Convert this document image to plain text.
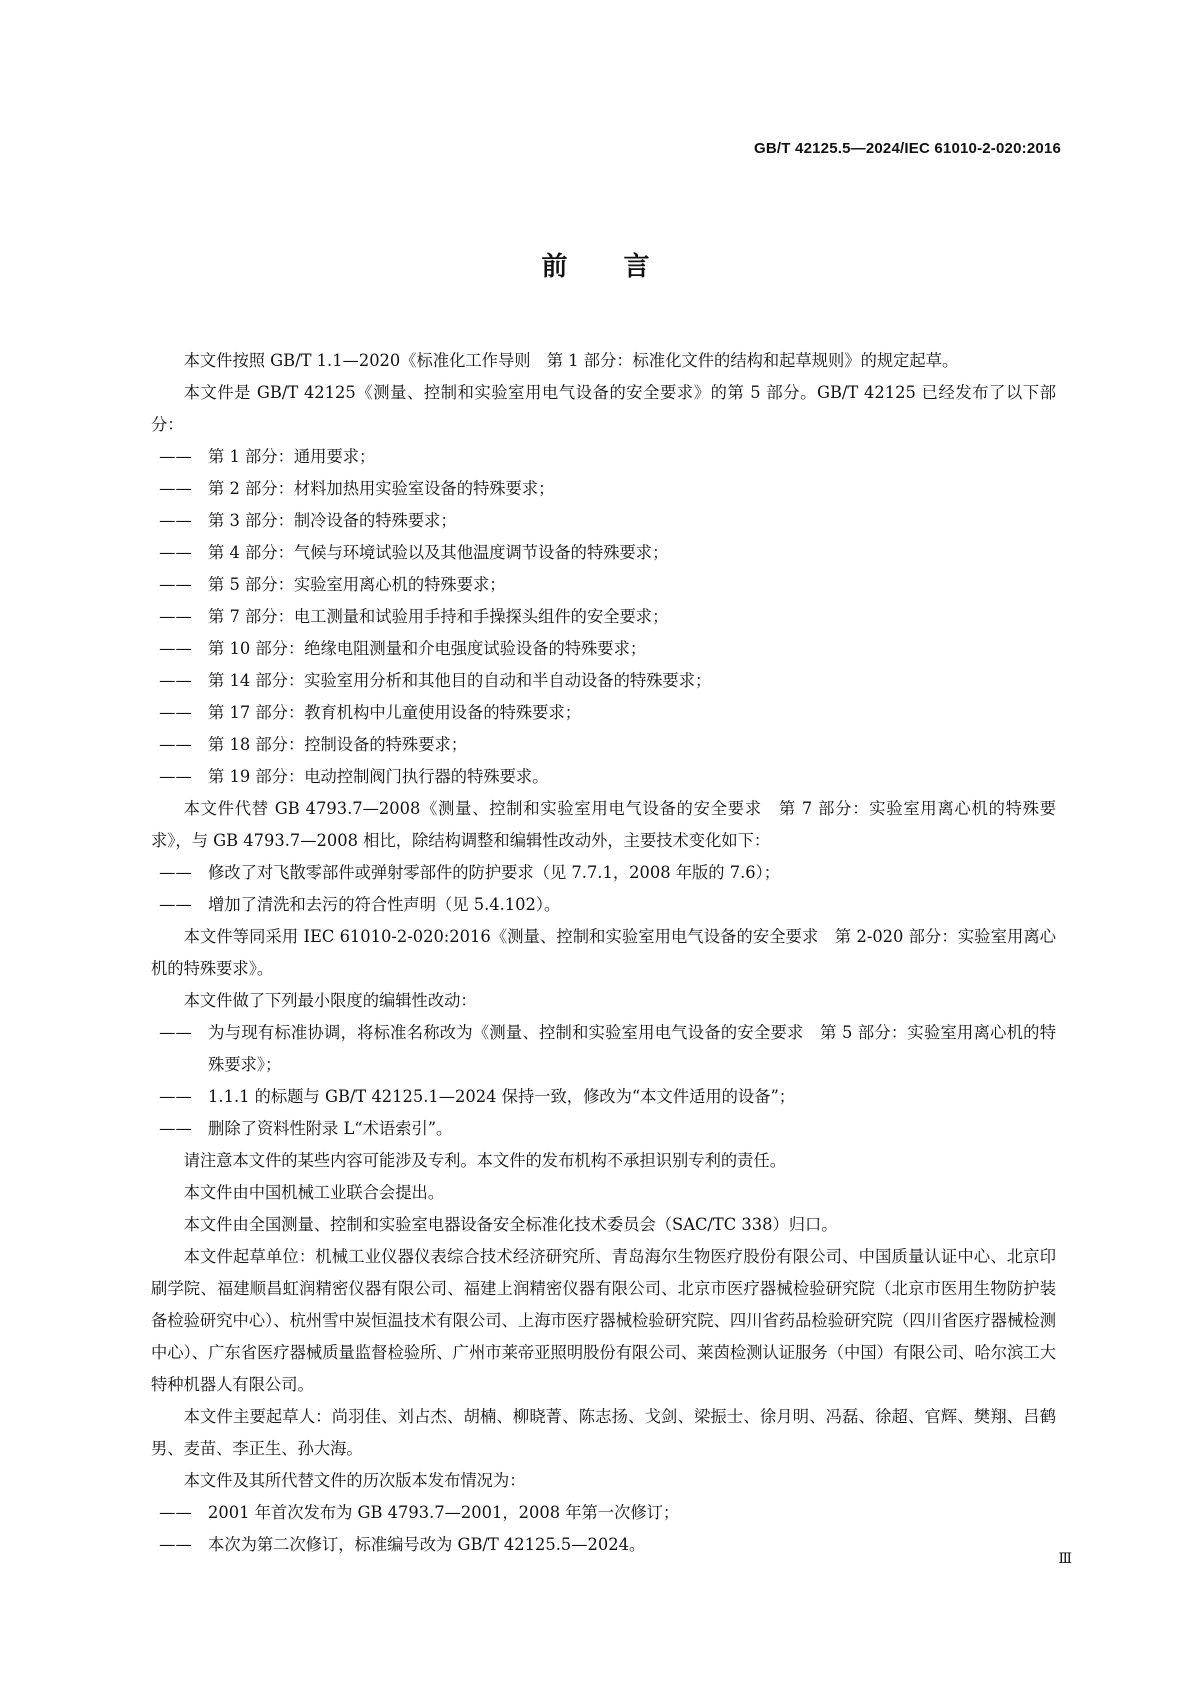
GB/T 42125.5—2024/IEC 61010-2-020:2016
前言
本文件按照 GB/T 1.1—2020《标准化工作导则　第 1 部分：标准化文件的结构和起草规则》的规定起草。
本文件是 GB/T 42125《测量、控制和实验室用电气设备的安全要求》的第 5 部分。GB/T 42125 已经发布了以下部分：
—— 第 1 部分：通用要求；
—— 第 2 部分：材料加热用实验室设备的特殊要求；
—— 第 3 部分：制冷设备的特殊要求；
—— 第 4 部分：气候与环境试验以及其他温度调节设备的特殊要求；
—— 第 5 部分：实验室用离心机的特殊要求；
—— 第 7 部分：电工测量和试验用手持和手操探头组件的安全要求；
—— 第 10 部分：绝缘电阻测量和介电强度试验设备的特殊要求；
—— 第 14 部分：实验室用分析和其他目的自动和半自动设备的特殊要求；
—— 第 17 部分：教育机构中儿童使用设备的特殊要求；
—— 第 18 部分：控制设备的特殊要求；
—— 第 19 部分：电动控制阀门执行器的特殊要求。
本文件代替 GB 4793.7—2008《测量、控制和实验室用电气设备的安全要求　第 7 部分：实验室用离心机的特殊要求》，与 GB 4793.7—2008 相比，除结构调整和编辑性改动外，主要技术变化如下：
—— 修改了对飞散零部件或弹射零部件的防护要求（见 7.7.1，2008 年版的 7.6）；
—— 增加了清洗和去污的符合性声明（见 5.4.102）。
本文件等同采用 IEC 61010-2-020:2016《测量、控制和实验室用电气设备的安全要求　第 2-020 部分：实验室用离心机的特殊要求》。
本文件做了下列最小限度的编辑性改动：
—— 为与现有标准协调，将标准名称改为《测量、控制和实验室用电气设备的安全要求　第 5 部分：实验室用离心机的特殊要求》；
—— 1.1.1 的标题与 GB/T 42125.1—2024 保持一致，修改为“本文件适用的设备”；
—— 删除了资料性附录 L“术语索引”。
请注意本文件的某些内容可能涉及专利。本文件的发布机构不承担识别专利的责任。
本文件由中国机械工业联合会提出。
本文件由全国测量、控制和实验室电器设备安全标准化技术委员会（SAC/TC 338）归口。
本文件起草单位：机械工业仪器仪表综合技术经济研究所、青岛海尔生物医疗股份有限公司、中国质量认证中心、北京印刷学院、福建顺昌虹润精密仪器有限公司、福建上润精密仪器有限公司、北京市医疗器械检验研究院（北京市医用生物防护装备检验研究中心）、杭州雪中炭恒温技术有限公司、上海市医疗器械检验研究院、四川省药品检验研究院（四川省医疗器械检测中心）、广东省医疗器械质量监督检验所、广州市莱帝亚照明股份有限公司、莱茵检测认证服务（中国）有限公司、哈尔滨工大特种机器人有限公司。
本文件主要起草人：尚羽佳、刘占杰、胡楠、柳晓菁、陈志扬、戈剑、梁振士、徐月明、冯磊、徐超、官辉、樊翔、吕鹤男、麦苗、李正生、孙大海。
本文件及其所代替文件的历次版本发布情况为：
—— 2001 年首次发布为 GB 4793.7—2001，2008 年第一次修订；
—— 本次为第二次修订，标准编号改为 GB/T 42125.5—2024。
Ⅲ
